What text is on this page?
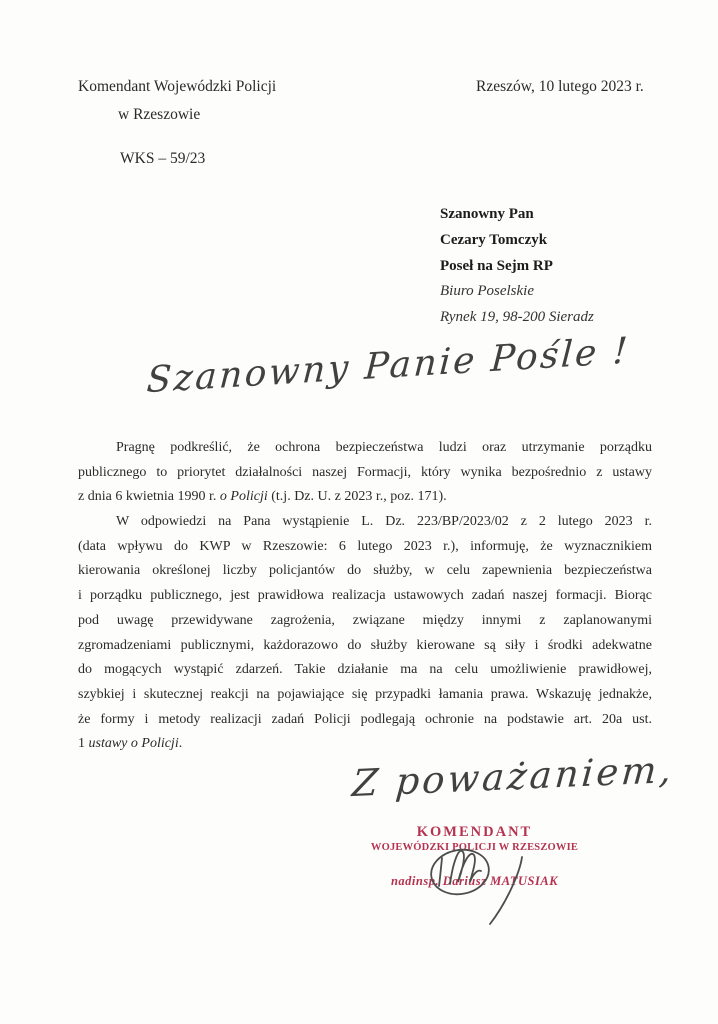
Komendant Wojewódzki Policji
w Rzeszowie
Rzeszów, 10 lutego 2023 r.
WKS – 59/23
Szanowny Pan
Cezary Tomczyk
Poseł na Sejm RP
Biuro Poselskie
Rynek 19, 98-200 Sieradz
Szanowny Panie Pośle !
Pragnę podkreślić, że ochrona bezpieczeństwa ludzi oraz utrzymanie porządku
publicznego to priorytet działalności naszej Formacji, który wynika bezpośrednio z ustawy
z dnia 6 kwietnia 1990 r. o Policji (t.j. Dz. U. z 2023 r., poz. 171).
W odpowiedzi na Pana wystąpienie L. Dz. 223/BP/2023/02 z 2 lutego 2023 r.
(data wpływu do KWP w Rzeszowie: 6 lutego 2023 r.), informuję, że wyznacznikiem
kierowania określonej liczby policjantów do służby, w celu zapewnienia bezpieczeństwa
i porządku publicznego, jest prawidłowa realizacja ustawowych zadań naszej formacji. Biorąc
pod uwagę przewidywane zagrożenia, związane między innymi z zaplanowanymi
zgromadzeniami publicznymi, każdorazowo do służby kierowane są siły i środki adekwatne
do mogących wystąpić zdarzeń. Takie działanie ma na celu umożliwienie prawidłowej,
szybkiej i skutecznej reakcji na pojawiające się przypadki łamania prawa. Wskazuję jednakże,
że formy i metody realizacji zadań Policji podlegają ochronie na podstawie art. 20a ust.
1 ustawy o Policji.
Z poważaniem,
KOMENDANT
WOJEWÓDZKI POLICJI W RZESZOWIE
nadinsp. Dariusz MATUSIAK
